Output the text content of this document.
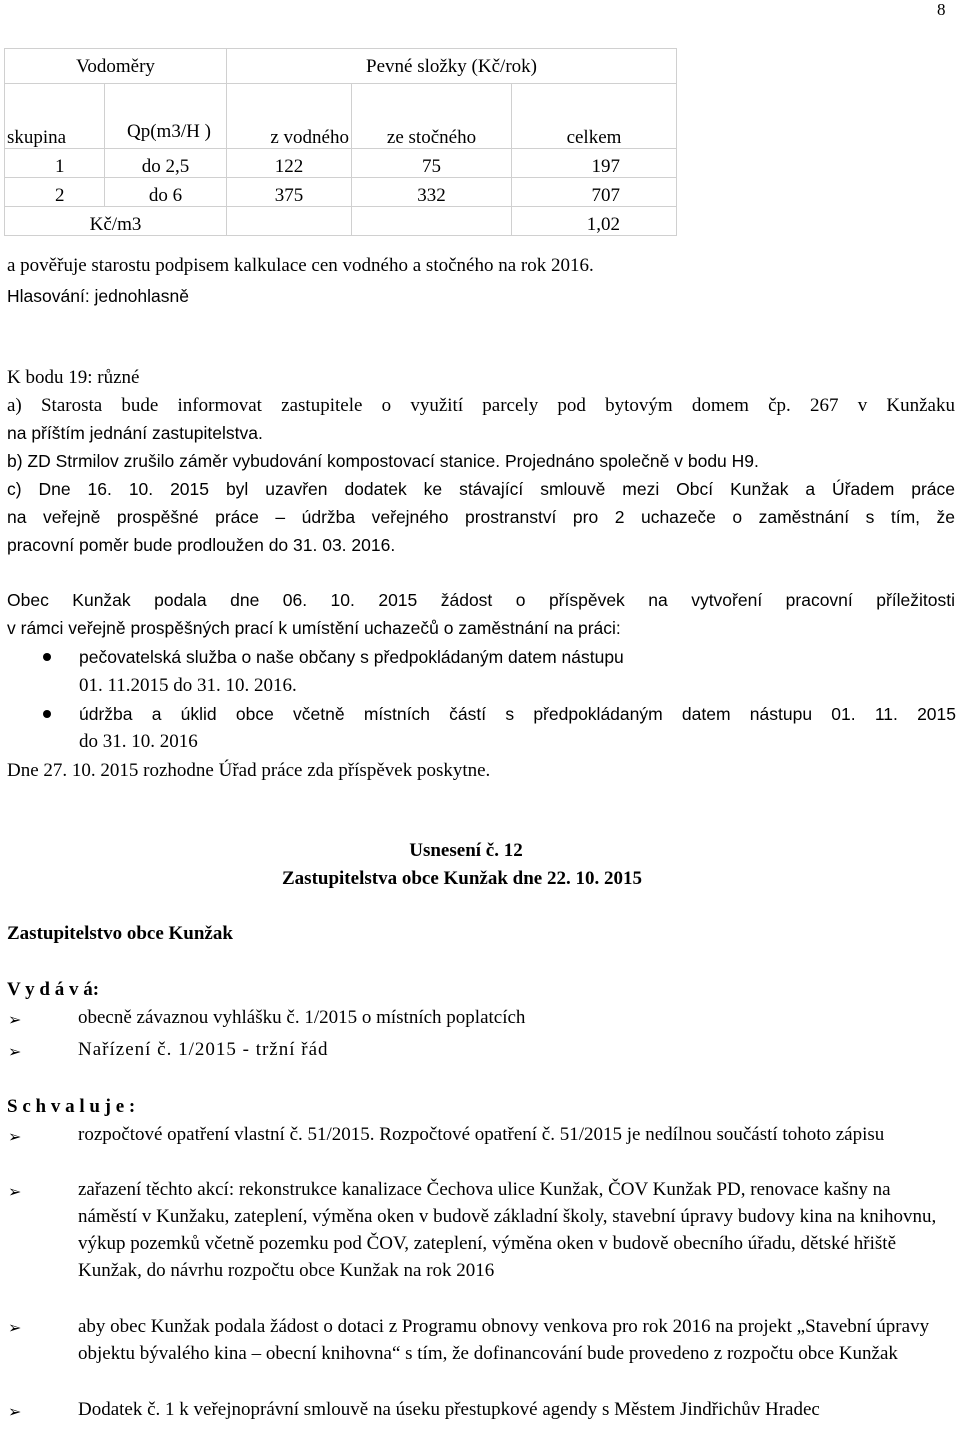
8
Vodoměry		Pevné složky (Kč/rok)		
skupina	Qp(m3/H )	z vodného	ze stočného	celkem
1	do 2,5	122	75	197
2	do 6	375	332	707
Kč/m3				1,02
a pověřuje starostu podpisem kalkulace cen vodného a stočného na rok 2016.
Hlasování: jednohlasně
K bodu 19: různé
a) Starosta bude informovat zastupitele o využití parcely pod bytovým domem čp. 267 v Kunžaku
na příštím jednání zastupitelstva.
b) ZD Strmilov zrušilo záměr vybudování kompostovací stanice. Projednáno společně v bodu H9.
c) Dne 16. 10. 2015 byl uzavřen dodatek ke stávající smlouvě mezi Obcí Kunžak a Úřadem práce
na veřejně prospěšné práce – údržba veřejného prostranství pro 2 uchazeče o zaměstnání s tím, že
pracovní poměr bude prodloužen do 31. 03. 2016.
Obec Kunžak podala dne 06. 10. 2015 žádost o příspěvek na vytvoření pracovní příležitosti
v rámci veřejně prospěšných prací k umístění uchazečů o zaměstnání na práci:
pečovatelská služba o naše občany s předpokládaným datem nástupu
01. 11.2015 do 31. 10. 2016.
údržba a úklid obce včetně místních částí s předpokládaným datem nástupu 01. 11. 2015
do 31. 10. 2016
Dne 27. 10. 2015 rozhodne Úřad práce zda příspěvek poskytne.
Usnesení č. 12
Zastupitelstva obce Kunžak dne 22. 10. 2015
Zastupitelstvo obce Kunžak
V y d á v á:
➢	obecně závaznou vyhlášku č. 1/2015 o místních poplatcích
➢	Nařízení č. 1/2015 - tržní řád
S c h v a l u j e :
➢	rozpočtové opatření vlastní č. 51/2015. Rozpočtové opatření č. 51/2015 je nedílnou součástí tohoto zápisu
➢	zařazení těchto akcí: rekonstrukce kanalizace Čechova ulice Kunžak, ČOV Kunžak PD, renovace kašny na náměstí v Kunžaku, zateplení, výměna oken v budově základní školy, stavební úpravy budovy kina na knihovnu, výkup pozemků včetně pozemku pod ČOV, zateplení, výměna oken v budově obecního úřadu, dětské hřiště Kunžak, do návrhu rozpočtu obce Kunžak na rok 2016
➢	aby obec Kunžak podala žádost o dotaci z Programu obnovy venkova pro rok 2016 na projekt „Stavební úpravy objektu bývalého kina – obecní knihovna“ s tím, že dofinancování bude provedeno z rozpočtu obce Kunžak
➢	Dodatek č. 1 k veřejnoprávní smlouvě na úseku přestupkové agendy s Městem Jindřichův Hradec
